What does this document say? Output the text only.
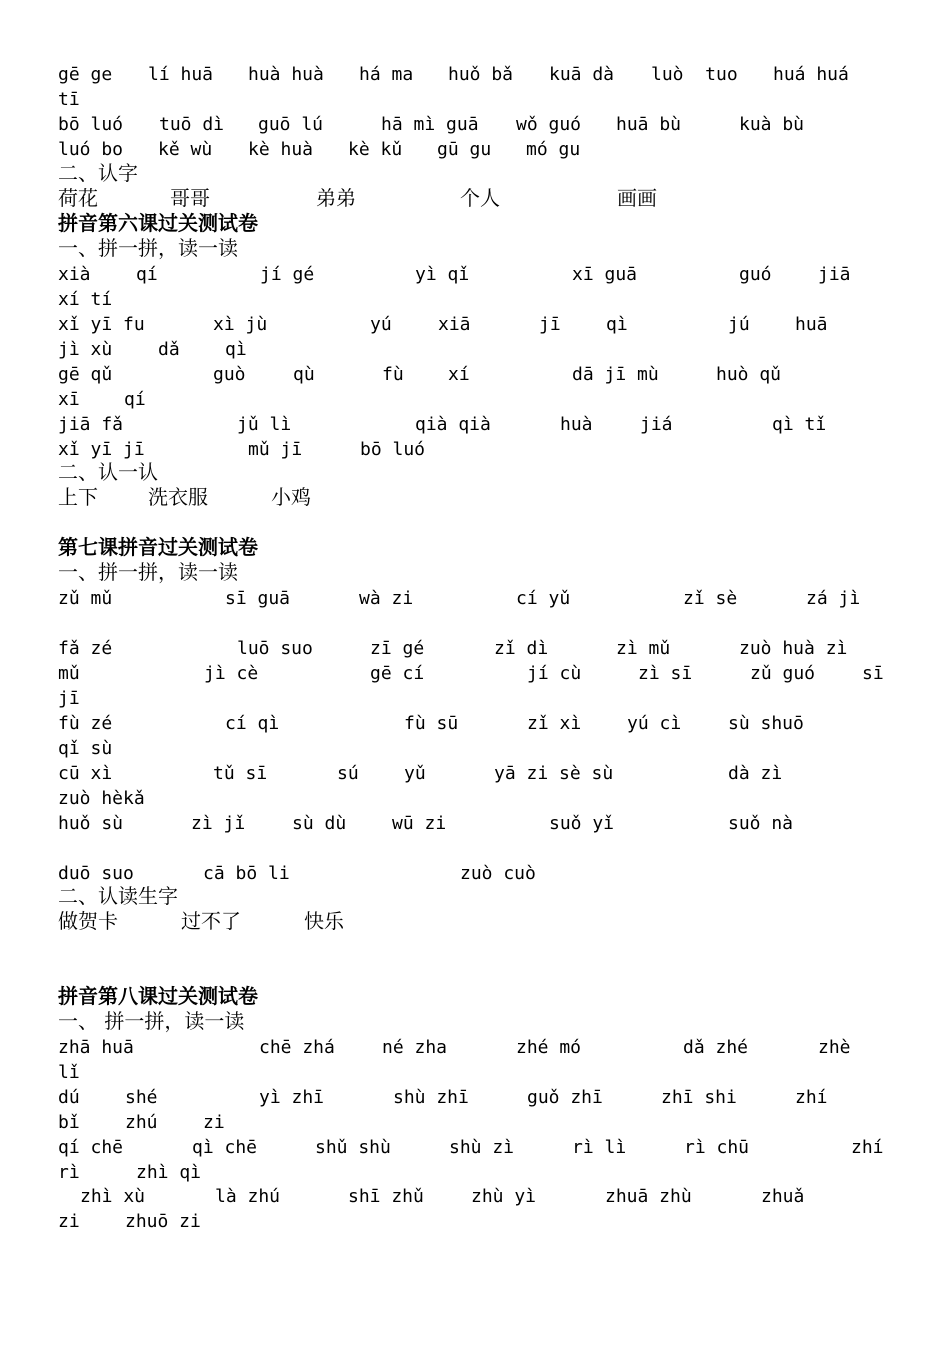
gē ge

lí huā

huà huà

há ma

huǒ bǎ

kuā dà

luò  tuo

huá huá

tī

bō luó

tuō dì

guō lú

	hā mì guā

wǒ guó

huā bù

	kuà bù

luó bo

kě wù

kè huà

kè kǔ

gū gu

mó gu

二、认字

荷花

	哥哥

	弟弟

	个人

	画画

拼音第六课过关测试卷
一、拼一拼，读一读

xià

	qí

	jí gé

	yì qǐ

	xī guā

	guó

	jiā

xí tí

xǐ yī fu

	xì jù

	yú

	xiā

	jī

	qì

	jú

	huā

jì xù

	dǎ

	qì

gē qǔ

	guò

	qù

	fù

xí

	dā jī mù

	huò qǔ

xī

qí

jiā fǎ

	jǔ lì

	qià qià

	huà

	jiá

	qì tǐ

xǐ yī jī

	mǔ jī

	bō luó

二、认一认

上下

	洗衣服

	小鸡

第七课拼音过关测试卷
一、拼一拼，读一读

zǔ mǔ

	sī guā

	wà zi

	cí yǔ

	zǐ sè

	zá jì

fǎ zé

	luō suo

	zī gé

	zǐ dì

	zì mǔ

	zuò huà zì

mǔ

	jì cè

	gē cí

	jí cù

	zì sī

	zǔ guó

	sī

jī

fù zé

	cí qì

	fù sū

	zǐ xì

	yú cì

	sù shuō

qǐ sù

cū xì

	tǔ sī

	sú

	yǔ

	yā zi sè sù

	dà zì

zuò hèkǎ

huǒ sù

	zì jǐ

	sù dù

	wū zi

	suǒ yǐ

	suǒ nà

duō suo

	cā bō li

	zuò cuò

二、认读生字

做贺卡

	过不了

	快乐

拼音第八课过关测试卷
一、 拼一拼，读一读

zhā huā

	chē zhá

	né zha

	zhé mó

	dǎ zhé

	zhè

lǐ

dú

	shé

	yì zhī

	shù zhī

	guǒ zhī

	zhī shi

	zhí

bǐ

	zhú

	zi

qí chē

	qì chē

	shǔ shù

	shù zì

	rì lì

	rì chū

	zhí

rì

	zhì qì

zhì xù

	là zhú

	shī zhǔ

	zhù yì

	zhuā zhù

	zhuǎ

zi

	zhuō zi
